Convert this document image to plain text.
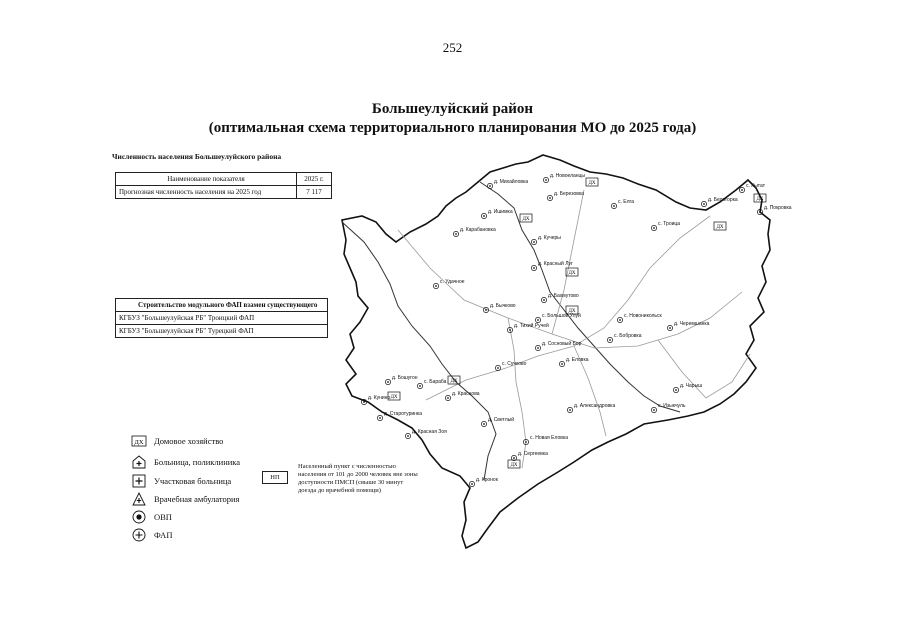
252
Большеулуйский район
(оптимальная схема территориального планирования МО до 2025 года)
Численность населения Большеулуйского района
Наименование показателя	2025 г.
Прогнозная численность населения на 2025 год	7 117
Строительство модульного ФАП взамен существующего
КГБУЗ "Большеулуйская РБ" Троицкий ФАП
КГБУЗ "Большеулуйская РБ" Турецкий ФАП
д. Михайловка
д. Новоеланцы
д. Березовка
д. Ишимка
с. Елга	д. Белогорка
с. Кытат
д. Покровка
д. Карабановка
с. Троица
д. Кучеры
д. Красный Луг
с. Удачное
д. Бычково
д. Бахмутово
с. Большой Улуй	с. Новоникольск
д. Черемшанка
д. Тихий Ручей
с. Бобровка
д. Сосновый Бор
д. Еловка
с. Сучково
д. Бошугон
с. Бараба
д. Чарыш
д. Кунино
д. Старотуринка
д. Краснова
д. Александровка	с. Изыкчуль
д. Светлый
д. Красная Зоя
с. Новая Еловка
д. Сергеевка
д. Кронок
ДХ
ДХ
ДХ
ДХ
ДХ
ДХ
ДХ
ДХ
ДХ
ДХ Домовое хозяйство
Больница, поликлиника
Участковая больница
Врачебная амбулатория
ОВП
ФАП
НП
Населенный пункт с численностью населения от 101 до 2000 человек вне зоны доступности ПМСП (свыше 30 минут доезда до врачебной помощи)
